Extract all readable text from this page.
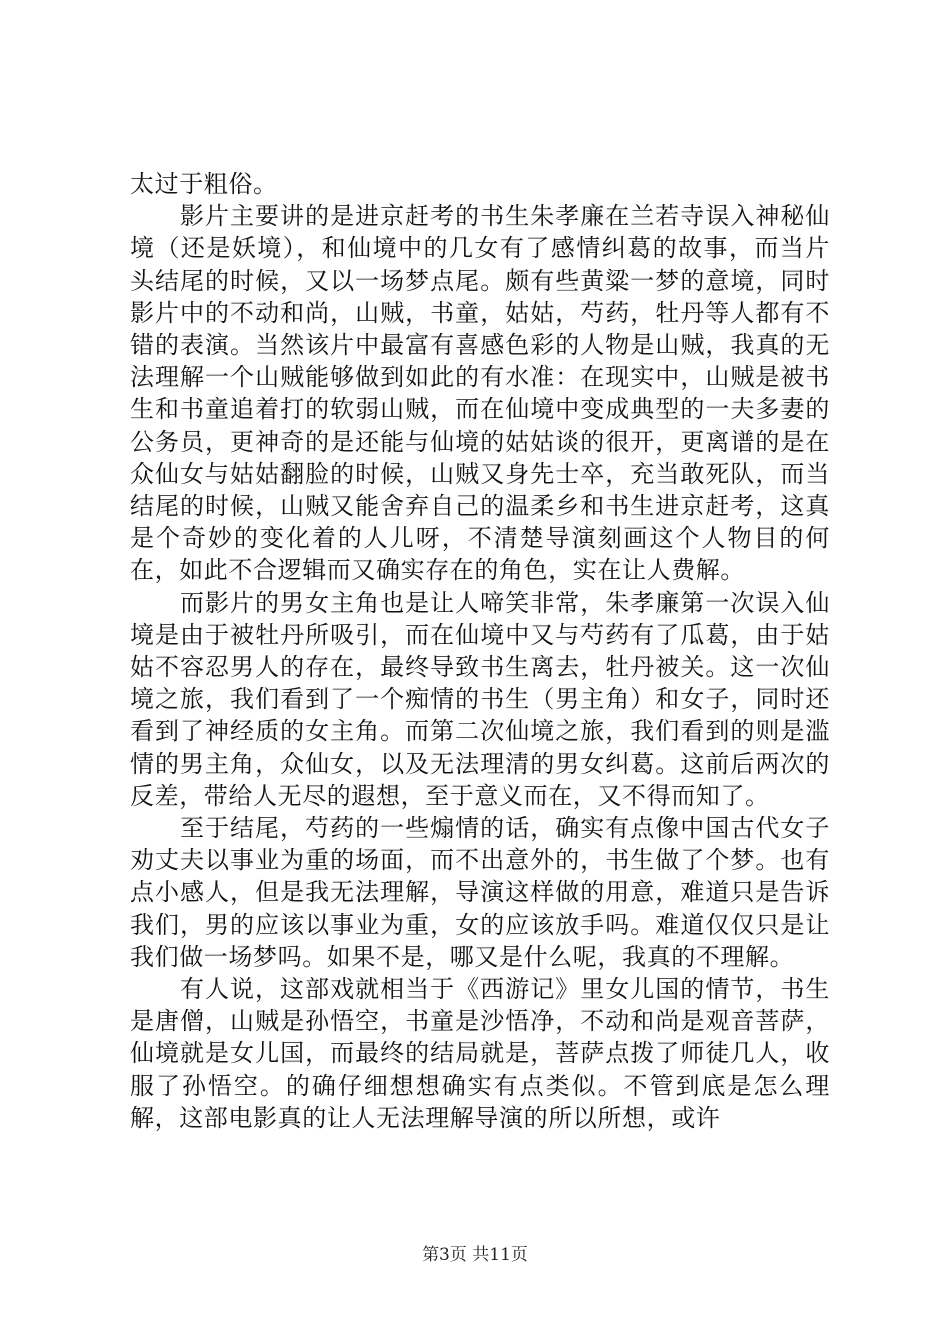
太过于粗俗。

影片主要讲的是进京赶考的书生朱孝廉在兰若寺误入神秘仙境（还是妖境），和仙境中的几女有了感情纠葛的故事，而当片头结尾的时候，又以一场梦点尾。颇有些黄粱一梦的意境，同时影片中的不动和尚，山贼，书童，姑姑，芍药，牡丹等人都有不错的表演。当然该片中最富有喜感色彩的人物是山贼，我真的无法理解一个山贼能够做到如此的有水准：在现实中，山贼是被书生和书童追着打的软弱山贼，而在仙境中变成典型的一夫多妻的公务员，更神奇的是还能与仙境的姑姑谈的很开，更离谱的是在众仙女与姑姑翻脸的时候，山贼又身先士卒，充当敢死队，而当结尾的时候，山贼又能舍弃自己的温柔乡和书生进京赶考，这真是个奇妙的变化着的人儿呀，不清楚导演刻画这个人物目的何在，如此不合逻辑而又确实存在的角色，实在让人费解。

而影片的男女主角也是让人啼笑非常，朱孝廉第一次误入仙境是由于被牡丹所吸引，而在仙境中又与芍药有了瓜葛，由于姑姑不容忍男人的存在，最终导致书生离去，牡丹被关。这一次仙境之旅，我们看到了一个痴情的书生（男主角）和女子，同时还看到了神经质的女主角。而第二次仙境之旅，我们看到的则是滥情的男主角，众仙女，以及无法理清的男女纠葛。这前后两次的反差，带给人无尽的遐想，至于意义而在，又不得而知了。

至于结尾，芍药的一些煽情的话，确实有点像中国古代女子劝丈夫以事业为重的场面，而不出意外的，书生做了个梦。也有点小感人，但是我无法理解，导演这样做的用意，难道只是告诉我们，男的应该以事业为重，女的应该放手吗。难道仅仅只是让我们做一场梦吗。如果不是，哪又是什么呢，我真的不理解。

有人说，这部戏就相当于《西游记》里女儿国的情节，书生是唐僧，山贼是孙悟空，书童是沙悟净，不动和尚是观音菩萨，仙境就是女儿国，而最终的结局就是，菩萨点拨了师徒几人，收服了孙悟空。的确仔细想想确实有点类似。不管到底是怎么理解，这部电影真的让人无法理解导演的所以所想，或许

第3页 共11页
